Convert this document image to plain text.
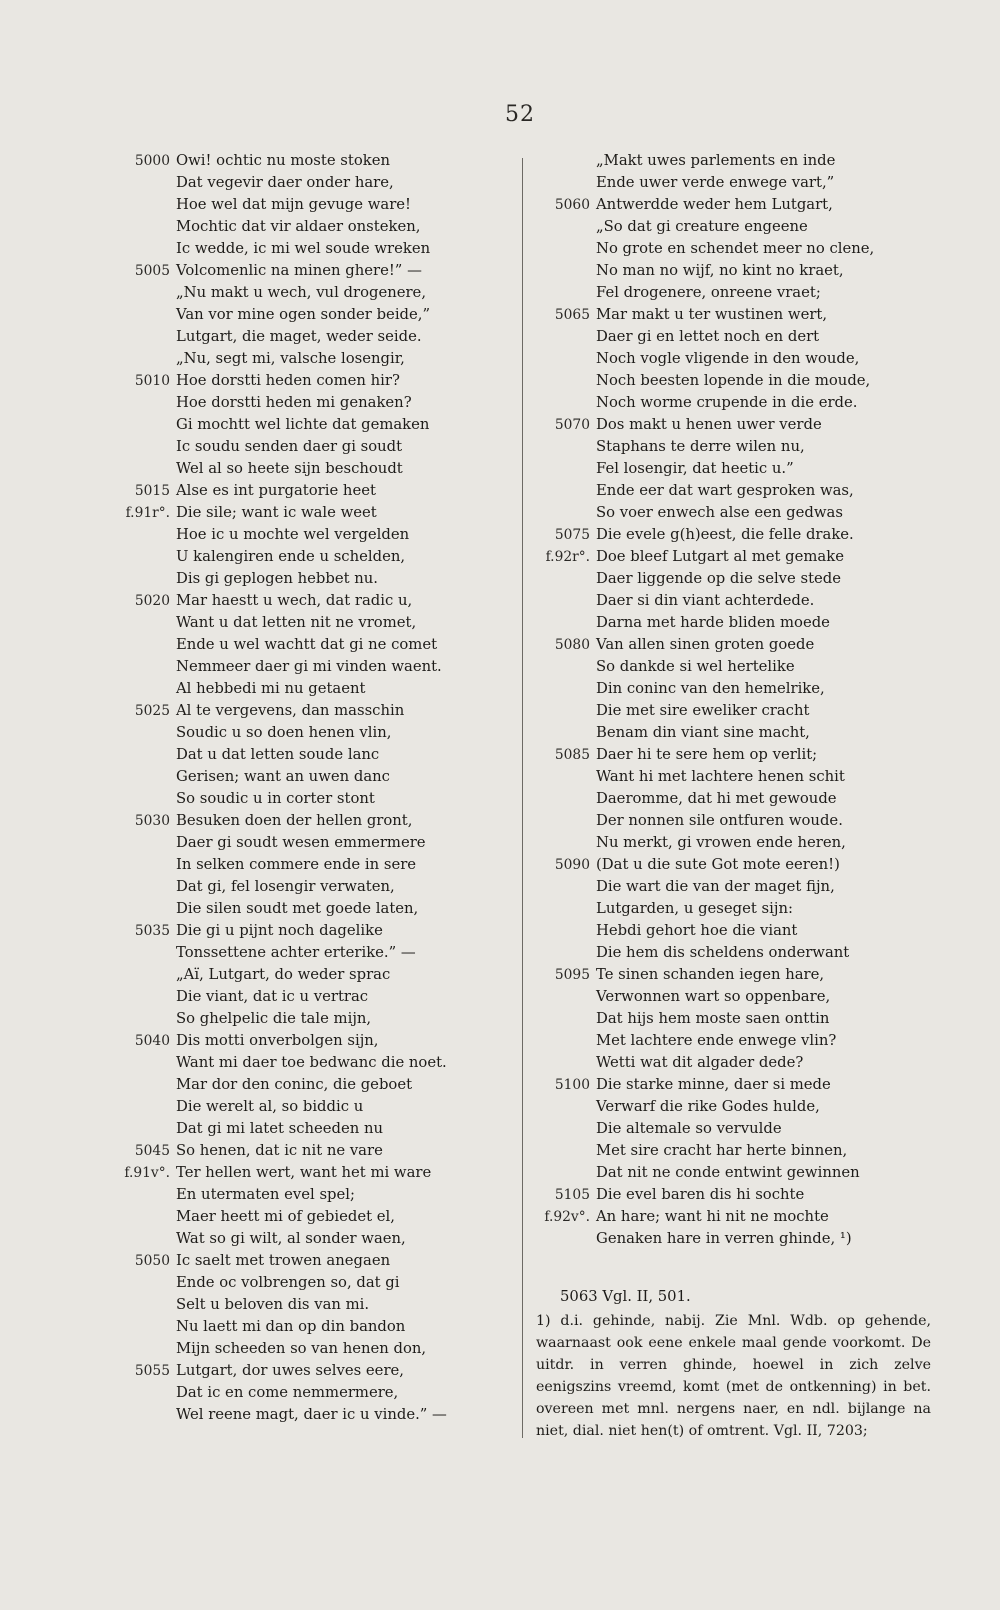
52
5000 Owi! ochtic nu moste stoken
Dat vegevir daer onder hare,
Hoe wel dat mijn gevuge ware!
Mochtic dat vir aldaer onsteken,
Ic wedde, ic mi wel soude wreken
5005 Volcomenlic na minen ghere!” —
„Nu makt u wech, vul drogenere,
Van vor mine ogen sonder beide,”
Lutgart, die maget, weder seide.
„Nu, segt mi, valsche losengir,
5010 Hoe dorstti heden comen hir?
Hoe dorstti heden mi genaken?
Gi mochtt wel lichte dat gemaken
Ic soudu senden daer gi soudt
Wel al so heete sijn beschoudt
5015 Alse es int purgatorie heet
f.91r°. Die sile; want ic wale weet
Hoe ic u mochte wel vergelden
U kalengiren ende u schelden,
Dis gi geplogen hebbet nu.
5020 Mar haestt u wech, dat radic u,
Want u dat letten nit ne vromet,
Ende u wel wachtt dat gi ne comet
Nemmeer daer gi mi vinden waent.
Al hebbedi mi nu getaent
5025 Al te vergevens, dan masschin
Soudic u so doen henen vlin,
Dat u dat letten soude lanc
Gerisen; want an uwen danc
So soudic u in corter stont
5030 Besuken doen der hellen gront,
Daer gi soudt wesen emmermere
In selken commere ende in sere
Dat gi, fel losengir verwaten,
Die silen soudt met goede laten,
5035 Die gi u pijnt noch dagelike
Tonssettene achter erterike.” —
„Aï, Lutgart, do weder sprac
Die viant, dat ic u vertrac
So ghelpelic die tale mijn,
5040 Dis motti onverbolgen sijn,
Want mi daer toe bedwanc die noet.
Mar dor den coninc, die geboet
Die werelt al, so biddic u
Dat gi mi latet scheeden nu
5045 So henen, dat ic nit ne vare
f.91v°. Ter hellen wert, want het mi ware
En utermaten evel spel;
Maer heett mi of gebiedet el,
Wat so gi wilt, al sonder waen,
5050 Ic saelt met trowen anegaen
Ende oc volbrengen so, dat gi
Selt u beloven dis van mi.
Nu laett mi dan op din bandon
Mijn scheeden so van henen don,
5055 Lutgart, dor uwes selves eere,
Dat ic en come nemmermere,
Wel reene magt, daer ic u vinde.” —
„Makt uwes parlements en inde
Ende uwer verde enwege vart,”
5060 Antwerdde weder hem Lutgart,
„So dat gi creature engeene
No grote en schendet meer no clene,
No man no wijf, no kint no kraet,
Fel drogenere, onreene vraet;
5065 Mar makt u ter wustinen wert,
Daer gi en lettet noch en dert
Noch vogle vligende in den woude,
Noch beesten lopende in die moude,
Noch worme crupende in die erde.
5070 Dos makt u henen uwer verde
Staphans te derre wilen nu,
Fel losengir, dat heetic u.”
Ende eer dat wart gesproken was,
So voer enwech alse een gedwas
5075 Die evele g(h)eest, die felle drake.
f.92r°. Doe bleef Lutgart al met gemake
Daer liggende op die selve stede
Daer si din viant achterdede.
Darna met harde bliden moede
5080 Van allen sinen groten goede
So dankde si wel hertelike
Din coninc van den hemelrike,
Die met sire eweliker cracht
Benam din viant sine macht,
5085 Daer hi te sere hem op verlit;
Want hi met lachtere henen schit
Daeromme, dat hi met gewoude
Der nonnen sile ontfuren woude.
Nu merkt, gi vrowen ende heren,
5090 (Dat u die sute Got mote eeren!)
Die wart die van der maget fijn,
Lutgarden, u geseget sijn:
Hebdi gehort hoe die viant
Die hem dis scheldens onderwant
5095 Te sinen schanden iegen hare,
Verwonnen wart so oppenbare,
Dat hijs hem moste saen onttin
Met lachtere ende enwege vlin?
Wetti wat dit algader dede?
5100 Die starke minne, daer si mede
Verwarf die rike Godes hulde,
Die altemale so vervulde
Met sire cracht har herte binnen,
Dat nit ne conde entwint gewinnen
5105 Die evel baren dis hi sochte
f.92v°. An hare; want hi nit ne mochte
Genaken hare in verren ghinde, ¹)
5063 Vgl. II, 501.
1) d.i. gehinde, nabij. Zie Mnl. Wdb. op gehende, waarnaast ook eene enkele maal gende voorkomt. De uitdr. in verren ghinde, hoewel in zich zelve eenigszins vreemd, komt (met de ontkenning) in bet. overeen met mnl. nergens naer, en ndl. bijlange na niet, dial. niet hen(t) of omtrent. Vgl. II, 7203;
